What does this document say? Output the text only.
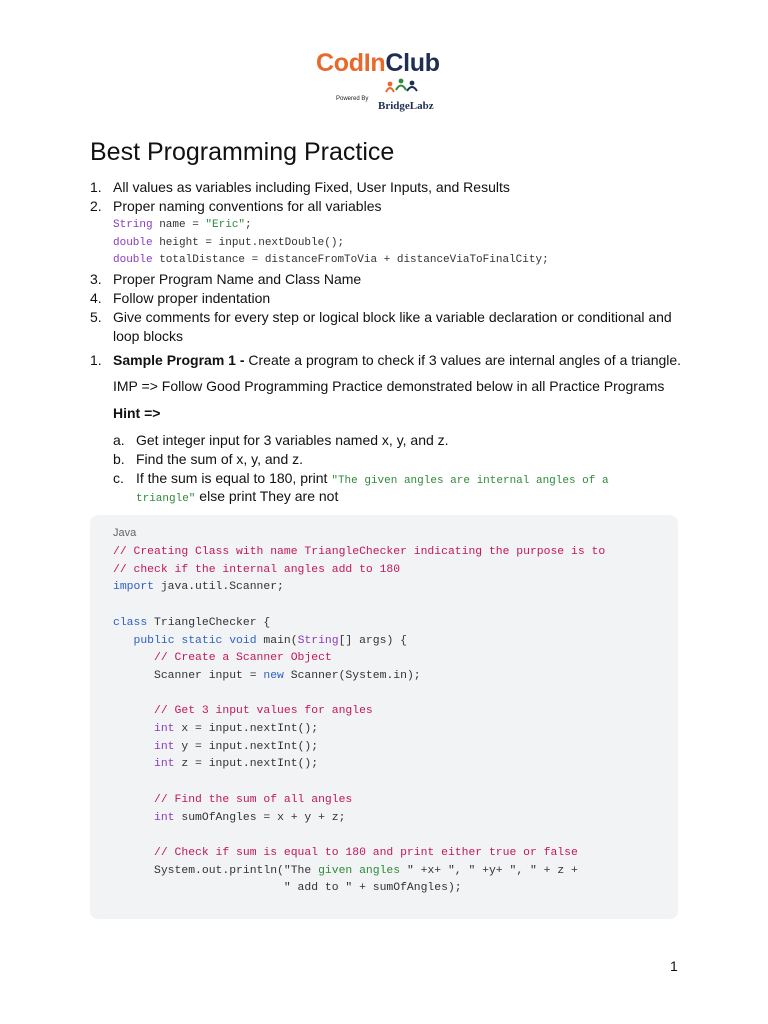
CodInClub
Powered By
BridgeLabz
Best Programming Practice
1. All values as variables including Fixed, User Inputs, and Results
2. Proper naming conventions for all variables
String name = "Eric";
double height = input.nextDouble();
double totalDistance = distanceFromToVia + distanceViaToFinalCity;
3. Proper Program Name and Class Name
4. Follow proper indentation
5. Give comments for every step or logical block like a variable declaration or conditional and loop blocks
1. Sample Program 1 - Create a program to check if 3 values are internal angles of a triangle.
IMP => Follow Good Programming Practice demonstrated below in all Practice Programs
Hint =>
a. Get integer input for 3 variables named x, y, and z.
b. Find the sum of x, y, and z.
c. If the sum is equal to 180, print "The given angles are internal angles of a
triangle" else print They are not
Java
// Creating Class with name TriangleChecker indicating the purpose is to
// check if the internal angles add to 180
import java.util.Scanner;

class TriangleChecker {
public static void main(String[] args) {
// Create a Scanner Object
Scanner input = new Scanner(System.in);

// Get 3 input values for angles
int x = input.nextInt();
int y = input.nextInt();
int z = input.nextInt();

// Find the sum of all angles
int sumOfAngles = x + y + z;

// Check if sum is equal to 180 and print either true or false
System.out.println("The given angles " +x+ ", " +y+ ", " + z +
" add to " + sumOfAngles);
1
